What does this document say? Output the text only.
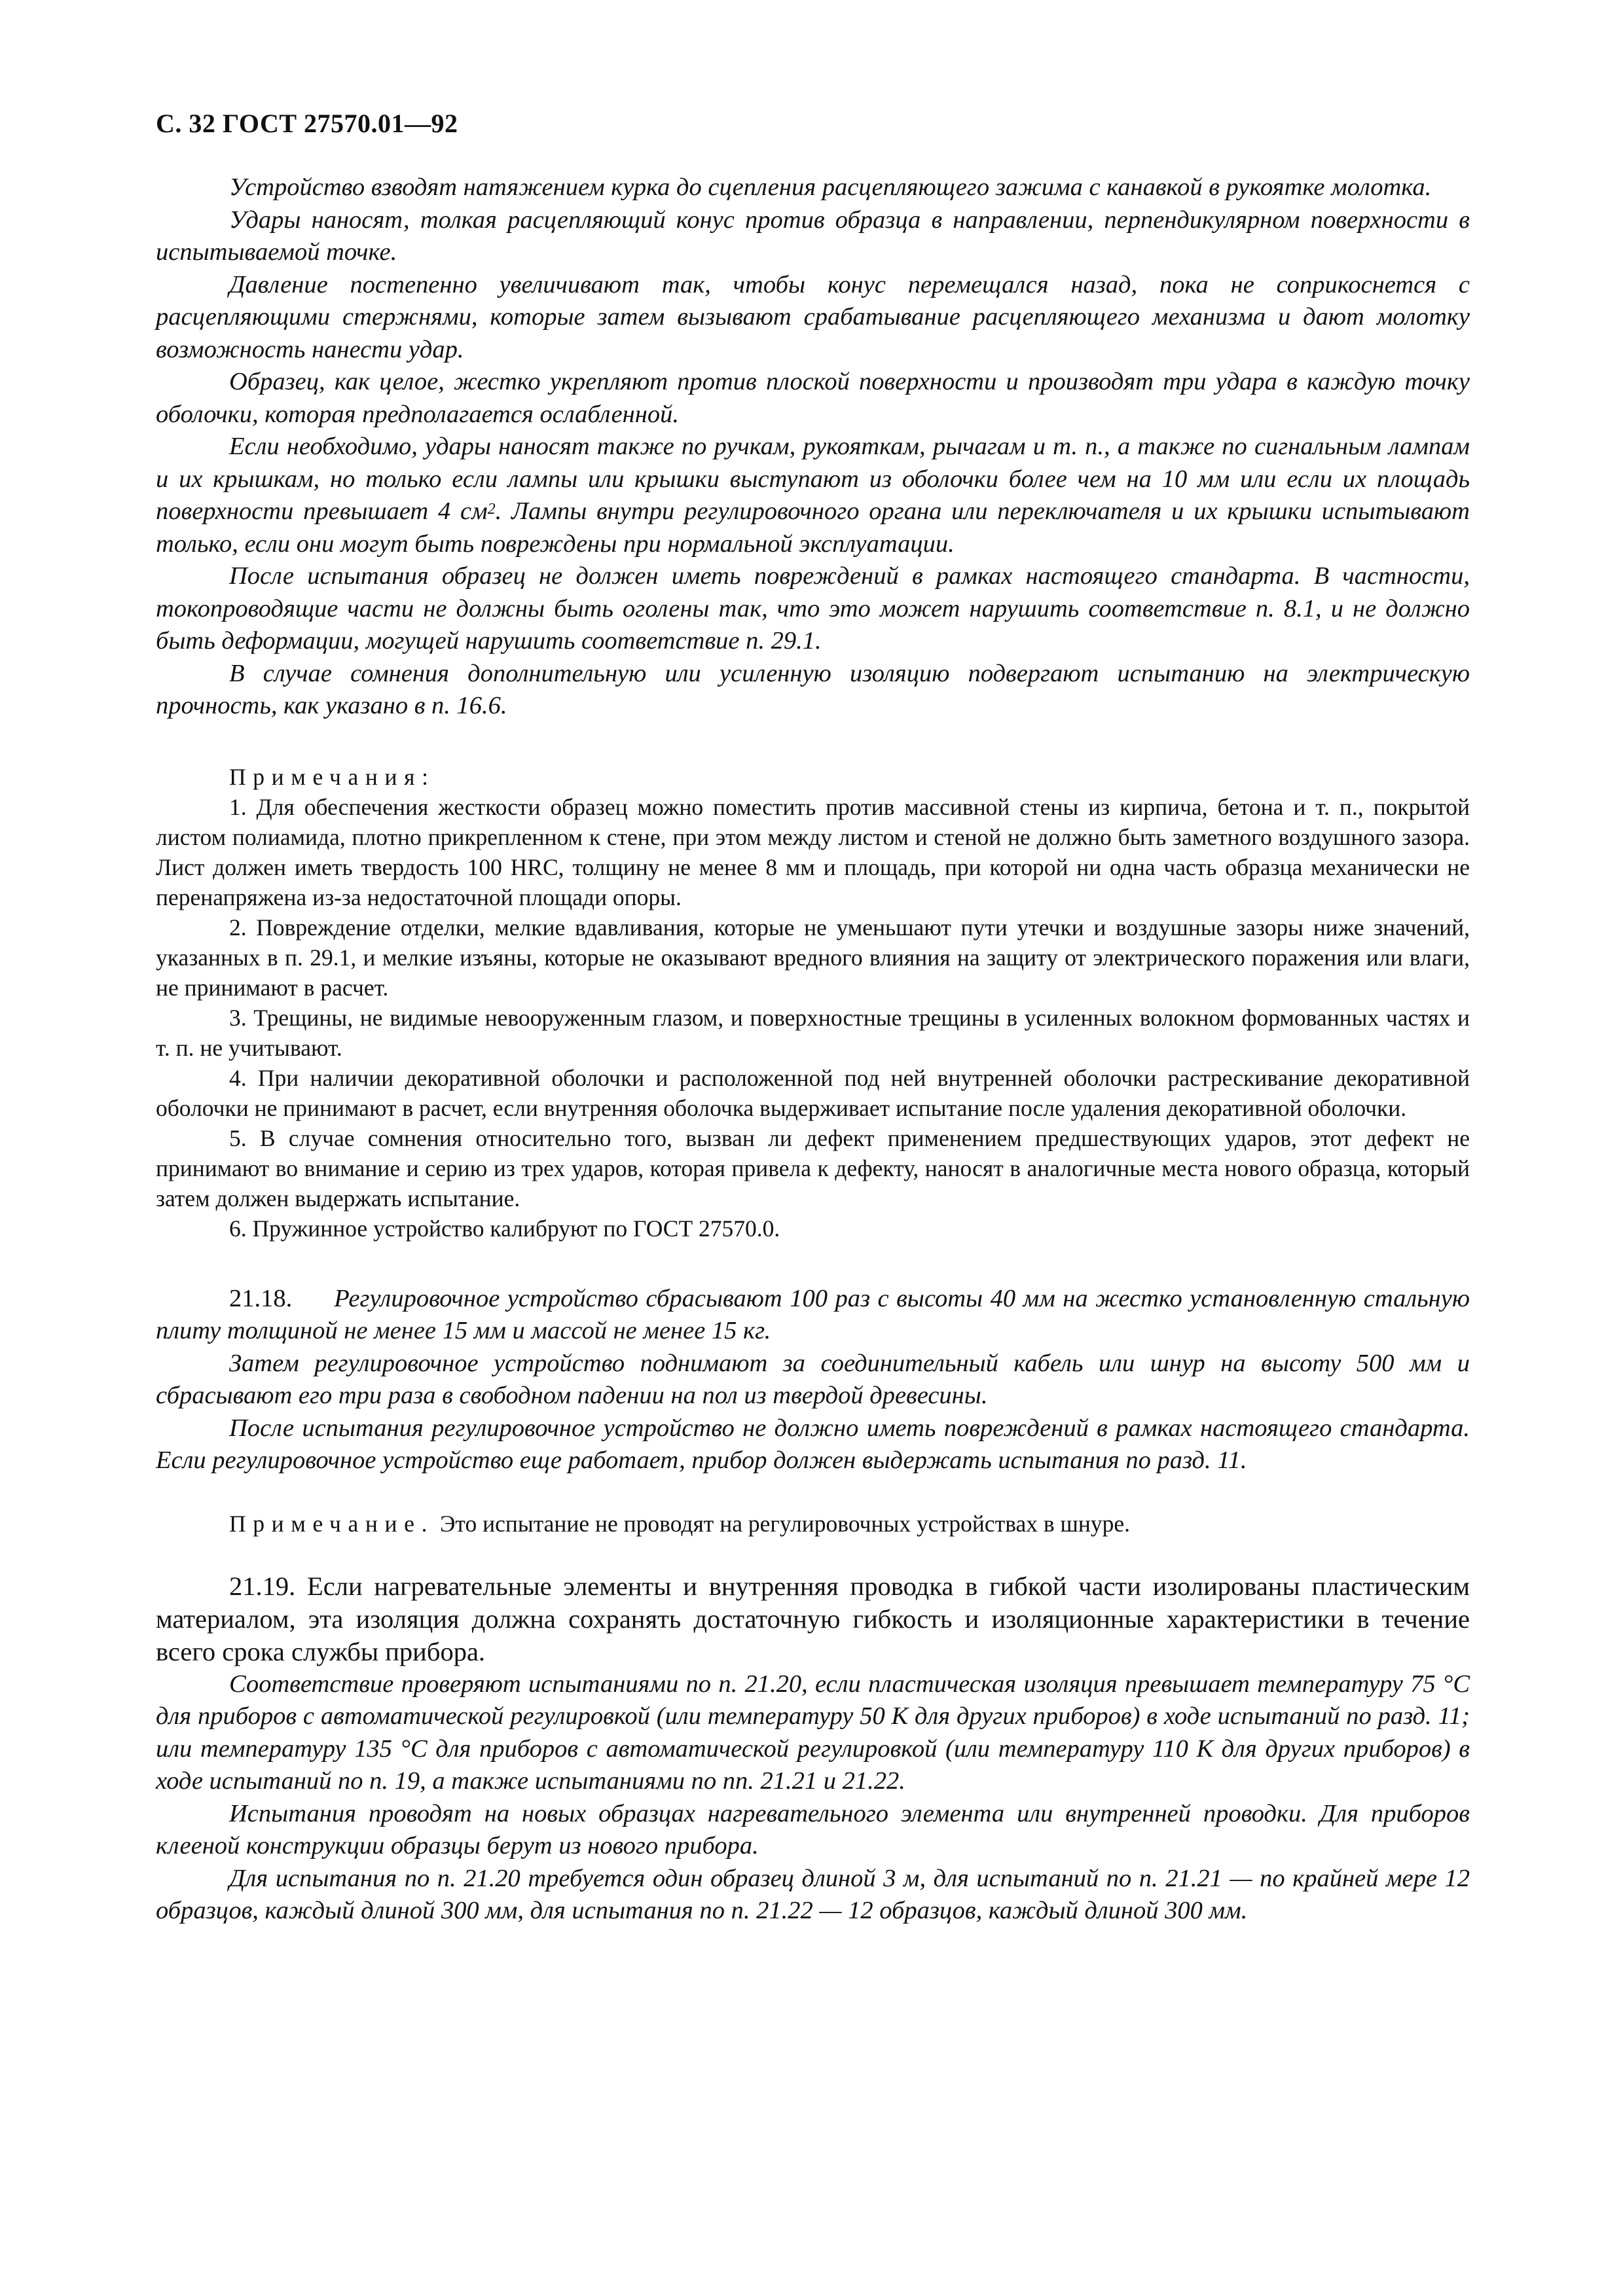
С. 32 ГОСТ 27570.01—92

Устройство взводят натяжением курка до сцепления расцепляющего зажима с канавкой в рукоятке молотка.

Удары наносят, толкая расцепляющий конус против образца в направлении, перпендикулярном поверхности в испытываемой точке.

Давление постепенно увеличивают так, чтобы конус перемещался назад, пока не соприкоснется с расцепляющими стержнями, которые затем вызывают срабатывание расцепляющего механизма и дают молотку возможность нанести удар.

Образец, как целое, жестко укрепляют против плоской поверхности и производят три удара в каждую точку оболочки, которая предполагается ослабленной.

Если необходимо, удары наносят также по ручкам, рукояткам, рычагам и т. п., а также по сигнальным лампам и их крышкам, но только если лампы или крышки выступают из оболочки более чем на 10 мм или если их площадь поверхности превышает 4 $см^2$. Лампы внутри регулировочного органа или переключателя и их крышки испытывают только, если они могут быть повреждены при нормальной эксплуатации.

После испытания образец не должен иметь повреждений в рамках настоящего стандарта. В частности, токопроводящие части не должны быть оголены так, что это может нарушить соответствие п. 8.1, и не должно быть деформации, могущей нарушить соответствие п. 29.1.

В случае сомнения дополнительную или усиленную изоляцию подвергают испытанию на электрическую прочность, как указано в п. 16.6.

Примечания:

1. Для обеспечения жесткости образец можно поместить против массивной стены из кирпича, бетона и т. п., покрытой листом полиамида, плотно прикрепленном к стене, при этом между листом и стеной не должно быть заметного воздушного зазора. Лист должен иметь твердость 100 HRC, толщину не менее 8 мм и площадь, при которой ни одна часть образца механически не перенапряжена из-за недостаточной площади опоры.

2. Повреждение отделки, мелкие вдавливания, которые не уменьшают пути утечки и воздушные зазоры ниже значений, указанных в п. 29.1, и мелкие изъяны, которые не оказывают вредного влияния на защиту от электрического поражения или влаги, не принимают в расчет.

3. Трещины, не видимые невооруженным глазом, и поверхностные трещины в усиленных волокном формованных частях и т. п. не учитывают.

4. При наличии декоративной оболочки и расположенной под ней внутренней оболочки растрескивание декоративной оболочки не принимают в расчет, если внутренняя оболочка выдерживает испытание после удаления декоративной оболочки.

5. В случае сомнения относительно того, вызван ли дефект применением предшествующих ударов, этот дефект не принимают во внимание и серию из трех ударов, которая привела к дефекту, наносят в аналогичные места нового образца, который затем должен выдержать испытание.

6. Пружинное устройство калибруют по ГОСТ 27570.0.

21.18. Регулировочное устройство сбрасывают 100 раз с высоты 40 мм на жестко установленную стальную плиту толщиной не менее 15 мм и массой не менее 15 кг.

Затем регулировочное устройство поднимают за соединительный кабель или шнур на высоту 500 мм и сбрасывают его три раза в свободном падении на пол из твердой древесины.

После испытания регулировочное устройство не должно иметь повреждений в рамках настоящего стандарта. Если регулировочное устройство еще работает, прибор должен выдержать испытания по разд. 11.

Примечание. Это испытание не проводят на регулировочных устройствах в шнуре.

21.19. Если нагревательные элементы и внутренняя проводка в гибкой части изолированы пластическим материалом, эта изоляция должна сохранять достаточную гибкость и изоляционные характеристики в течение всего срока службы прибора.

Соответствие проверяют испытаниями по п. 21.20, если пластическая изоляция превышает температуру 75 °С для приборов с автоматической регулировкой (или температуру 50 К для других приборов) в ходе испытаний по разд. 11; или температуру 135 °С для приборов с автоматической регулировкой (или температуру 110 К для других приборов) в ходе испытаний по п. 19, а также испытаниями по пп. 21.21 и 21.22.

Испытания проводят на новых образцах нагревательного элемента или внутренней проводки. Для приборов клееной конструкции образцы берут из нового прибора.

Для испытания по п. 21.20 требуется один образец длиной 3 м, для испытаний по п. 21.21 — по крайней мере 12 образцов, каждый длиной 300 мм, для испытания по п. 21.22 — 12 образцов, каждый длиной 300 мм.
